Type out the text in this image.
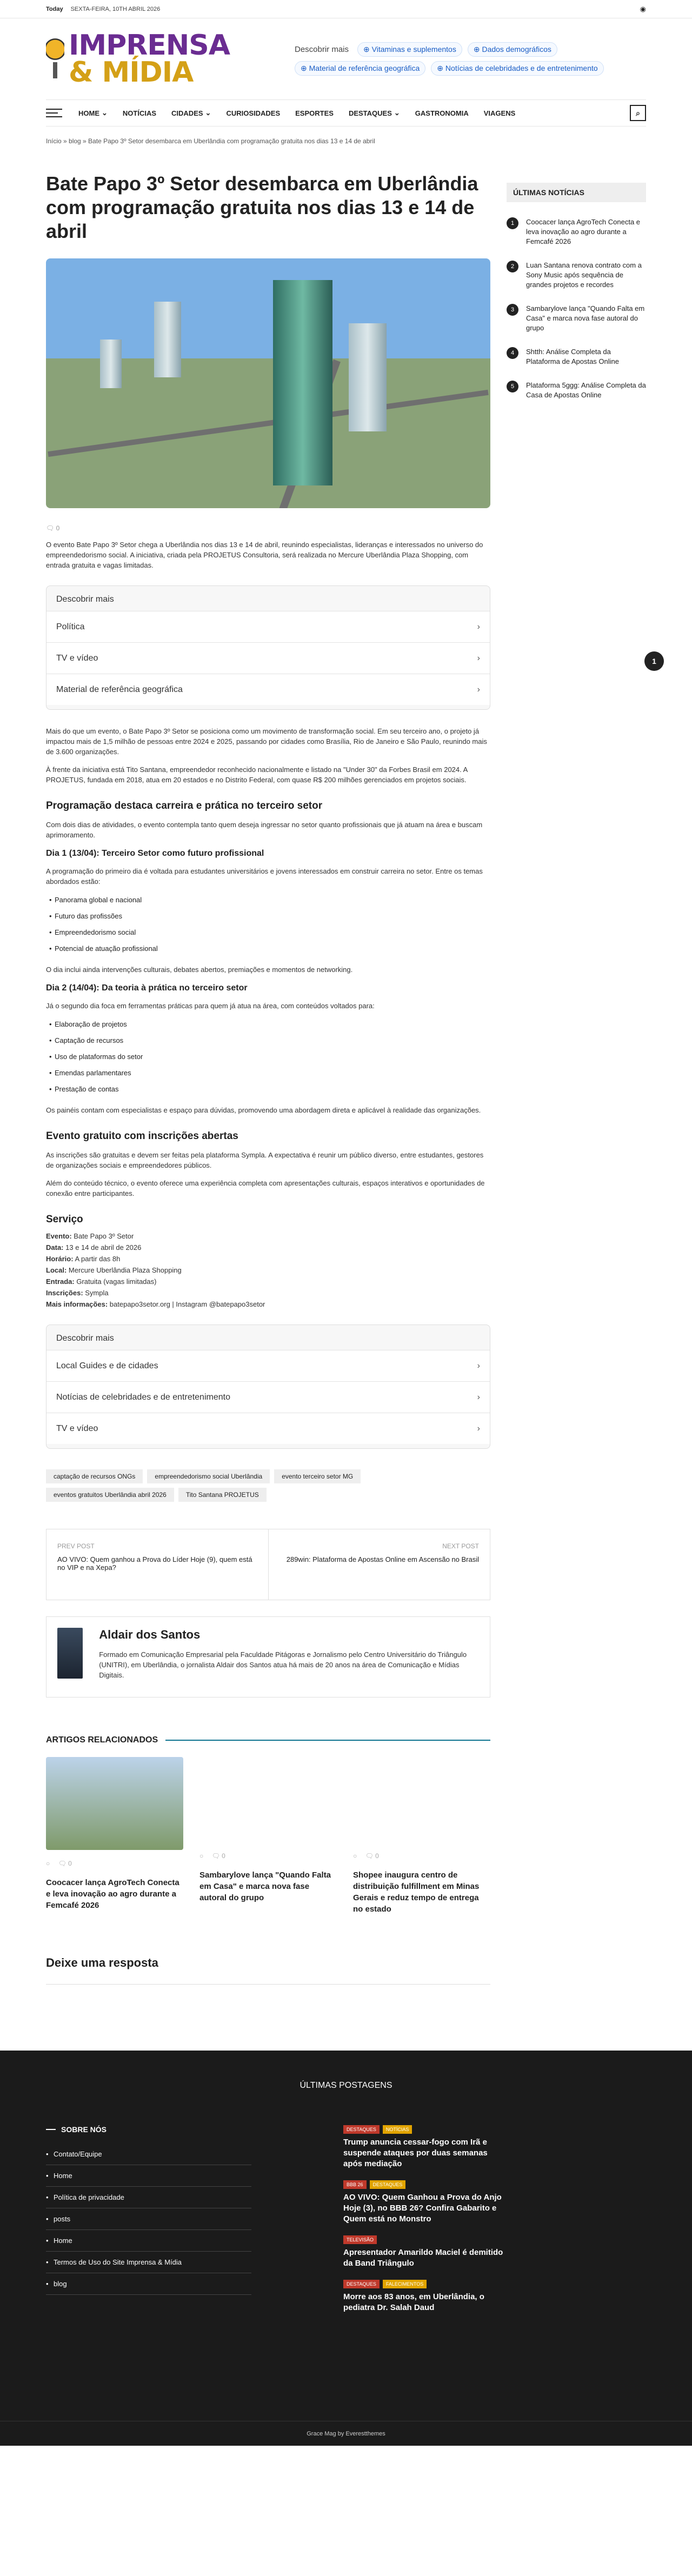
Today SEXTA-FEIRA, 10TH ABRIL 2026	◉
IMPRENSA
& MÍDIA
Descobrir mais	⊕ Vitaminas e suplementos	⊕ Dados demográficos
⊕ Material de referência geográfica	⊕ Notícias de celebridades e de entretenimento
HOME ⌄ NOTÍCIAS CIDADES ⌄ CURIOSIDADES ESPORTES DESTAQUES ⌄ GASTRONOMIA VIAGENS	⌕
Início » blog » Bate Papo 3º Setor desembarca em Uberlândia com programação gratuita nos dias 13 e 14 de abril
Bate Papo 3º Setor desembarca em Uberlândia com programação gratuita nos dias 13 e 14 de abril
🗨 0

O evento Bate Papo 3º Setor chega a Uberlândia nos dias 13 e 14 de abril, reunindo especialistas, lideranças e interessados no universo do empreendedorismo social. A iniciativa, criada pela PROJETUS Consultoria, será realizada no Mercure Uberlândia Plaza Shopping, com entrada gratuita e vagas limitadas.

Descobrir mais
Política	›
TV e vídeo	›
Material de referência geográfica	›

Mais do que um evento, o Bate Papo 3º Setor se posiciona como um movimento de transformação social. Em seu terceiro ano, o projeto já impactou mais de 1,5 milhão de pessoas entre 2024 e 2025, passando por cidades como Brasília, Rio de Janeiro e São Paulo, reunindo mais de 3.600 organizações.

À frente da iniciativa está Tito Santana, empreendedor reconhecido nacionalmente e listado na "Under 30" da Forbes Brasil em 2024. A PROJETUS, fundada em 2018, atua em 20 estados e no Distrito Federal, com quase R$ 200 milhões gerenciados em projetos sociais.

Programação destaca carreira e prática no terceiro setor

Com dois dias de atividades, o evento contempla tanto quem deseja ingressar no setor quanto profissionais que já atuam na área e buscam aprimoramento.

Dia 1 (13/04): Terceiro Setor como futuro profissional

A programação do primeiro dia é voltada para estudantes universitários e jovens interessados em construir carreira no setor. Entre os temas abordados estão:

• Panorama global e nacional
• Futuro das profissões
• Empreendedorismo social
• Potencial de atuação profissional

O dia inclui ainda intervenções culturais, debates abertos, premiações e momentos de networking.

Dia 2 (14/04): Da teoria à prática no terceiro setor

Já o segundo dia foca em ferramentas práticas para quem já atua na área, com conteúdos voltados para:

• Elaboração de projetos
• Captação de recursos
• Uso de plataformas do setor
• Emendas parlamentares
• Prestação de contas

Os painéis contam com especialistas e espaço para dúvidas, promovendo uma abordagem direta e aplicável à realidade das organizações.

Evento gratuito com inscrições abertas

As inscrições são gratuitas e devem ser feitas pela plataforma Sympla. A expectativa é reunir um público diverso, entre estudantes, gestores de organizações sociais e empreendedores públicos.

Além do conteúdo técnico, o evento oferece uma experiência completa com apresentações culturais, espaços interativos e oportunidades de conexão entre participantes.

Serviço

Evento: Bate Papo 3º Setor

Data: 13 e 14 de abril de 2026

Horário: A partir das 8h

Local: Mercure Uberlândia Plaza Shopping

Entrada: Gratuita (vagas limitadas)

Inscrições: Sympla

Mais informações: batepapo3setor.org | Instagram @batepapo3setor

Descobrir mais
Local Guides e de cidades	›
Notícias de celebridades e de entretenimento	›
TV e vídeo	›
captação de recursos ONGs	empreendedorismo social Uberlândia	evento terceiro setor MG
eventos gratuitos Uberlândia abril 2026	Tito Santana PROJETUS
PREV POST
AO VIVO: Quem ganhou a Prova do Líder Hoje (9), quem está no VIP e na Xepa?
NEXT POST
289win: Plataforma de Apostas Online em Ascensão no Brasil
Aldair dos Santos

Formado em Comunicação Empresarial pela Faculdade Pitágoras e Jornalismo pelo Centro Universitário do Triângulo (UNITRI), em Uberlândia, o jornalista Aldair dos Santos atua há mais de 20 anos na área de Comunicação e Mídias Digitais.

ARTIGOS RELACIONADOS
○  🗨 0
Coocacer lança AgroTech Conecta e leva inovação ao agro durante a Femcafé 2026
○  🗨 0
Sambarylove lança "Quando Falta em Casa" e marca nova fase autoral do grupo
○  🗨 0
Shopee inaugura centro de distribuição fulfillment em Minas Gerais e reduz tempo de entrega no estado
Deixe uma resposta
ÚLTIMAS NOTÍCIAS
1	Coocacer lança AgroTech Conecta e leva inovação ao agro durante a Femcafé 2026
2	Luan Santana renova contrato com a Sony Music após sequência de grandes projetos e recordes
3	Sambarylove lança "Quando Falta em Casa" e marca nova fase autoral do grupo
4	Shtth: Análise Completa da Plataforma de Apostas Online
5	Plataforma 5ggg: Análise Completa da Casa de Apostas Online
1
ÚLTIMAS POSTAGENS
SOBRE NÓS
• Contato/Equipe
• Home
• Política de privacidade
• posts
• Home
• Termos de Uso do Site Imprensa & Mídia
• blog
DESTAQUES	NOTÍCIAS
Trump anuncia cessar-fogo com Irã e suspende ataques por duas semanas após mediação
BBB 26	DESTAQUES
AO VIVO: Quem Ganhou a Prova do Anjo Hoje (3), no BBB 26? Confira Gabarito e Quem está no Monstro
TELEVISÃO
Apresentador Amarildo Maciel é demitido da Band Triângulo
DESTAQUES	FALECIMENTOS
Morre aos 83 anos, em Uberlândia, o pediatra Dr. Salah Daud
Grace Mag by Everestthemes
